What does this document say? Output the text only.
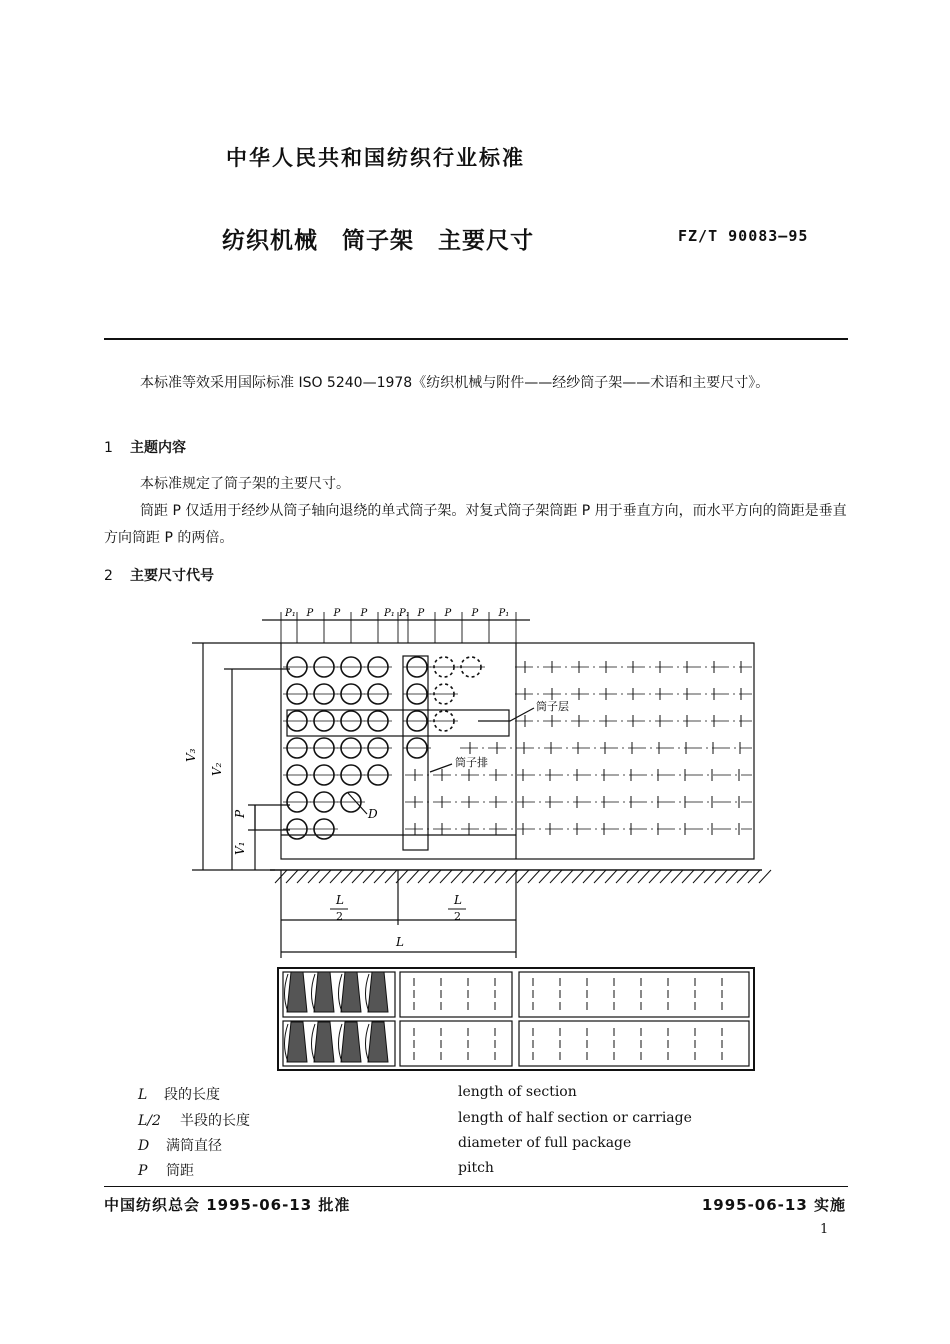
中华人民共和国纺织行业标准
纺织机械　筒子架　主要尺寸	FZ/T 90083—95
本标准等效采用国际标准 ISO 5240—1978《纺织机械与附件——经纱筒子架——术语和主要尺寸》。
1 主题内容
本标准规定了筒子架的主要尺寸。
筒距 P 仅适用于经纱从筒子轴向退绕的单式筒子架。对复式筒子架筒距 P 用于垂直方向，而水平方向的筒距是垂直方向筒距 P 的两倍。
2 主要尺寸代号
P₁ P P P P₁ P₁ P P P P₁
筒子层
筒子排
D
P
V₁
V₂
V₃
L
2
L
2
L
L 段的长度	length of section
L/2 半段的长度	length of half section or carriage
D 满筒直径	diameter of full package
P 筒距	pitch
中国纺织总会 1995-06-13 批准	1995-06-13 实施
1
